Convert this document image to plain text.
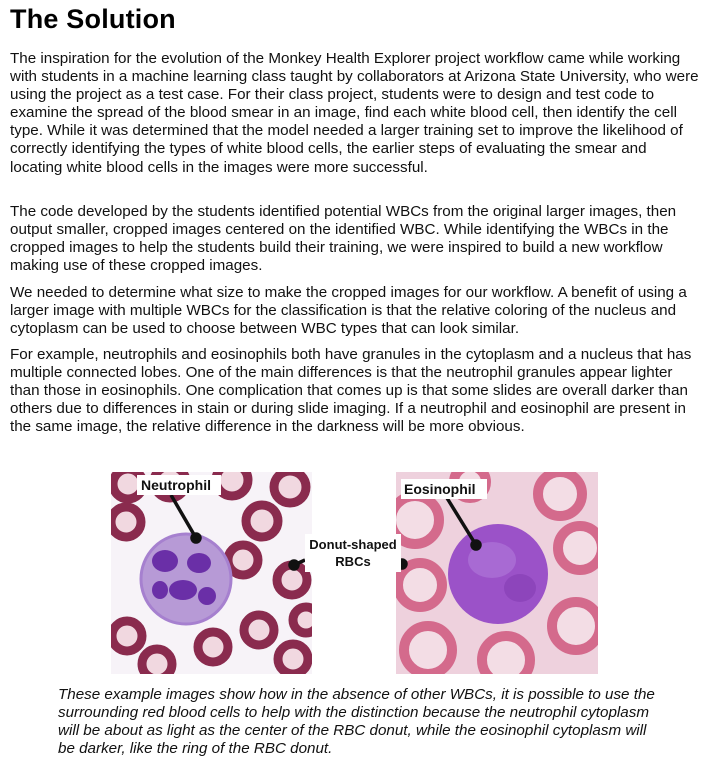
The Solution

The inspiration for the evolution of the Monkey Health Explorer project workflow came while working with students in a machine learning class taught by collaborators at Arizona State University, who were using the project as a test case. For their class project, students were to design and test code to examine the spread of the blood smear in an image, find each white blood cell, then identify the cell type. While it was determined that the model needed a larger training set to improve the likelihood of correctly identifying the types of white blood cells, the earlier steps of evaluating the smear and locating white blood cells in the images were more successful.

The code developed by the students identified potential WBCs from the original larger images, then output smaller, cropped images centered on the identified WBC. While identifying the WBCs in the cropped images to help the students build their training, we were inspired to build a new workflow making use of these cropped images.

We needed to determine what size to make the cropped images for our workflow. A benefit of using a larger image with multiple WBCs for the classification is that the relative coloring of the nucleus and cytoplasm can be used to choose between WBC types that can look similar.

For example, neutrophils and eosinophils both have granules in the cytoplasm and a nucleus that has multiple connected lobes. One of the main differences is that the neutrophil granules appear lighter than those in eosinophils. One complication that comes up is that some slides are overall darker than others due to differences in stain or during slide imaging. If a neutrophil and eosinophil are present in the same image, the relative difference in the darkness will be more obvious.

Neutrophil	Eosinophil
Donut-shaped
RBCs

These example images show how in the absence of other WBCs, it is possible to use the surrounding red blood cells to help with the distinction because the neutrophil cytoplasm will be about as light as the center of the RBC donut, while the eosinophil cytoplasm will be darker, like the ring of the RBC donut.
